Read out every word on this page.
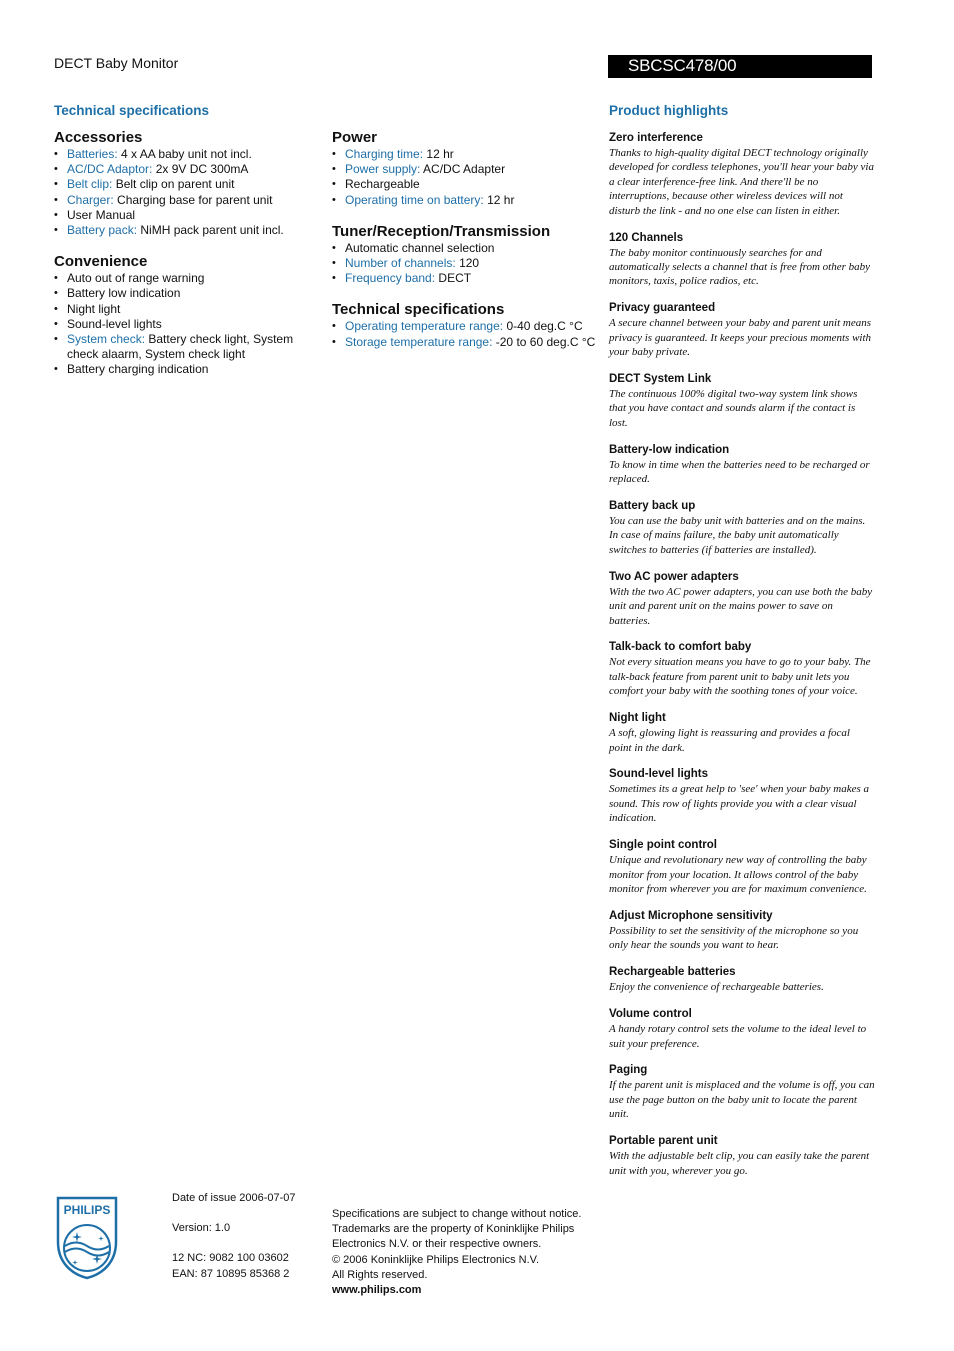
DECT Baby Monitor	SBCSC478/00
Technical specifications
Accessories
• Batteries: 4 x AA baby unit not incl.
• AC/DC Adaptor: 2x 9V DC 300mA
• Belt clip: Belt clip on parent unit
• Charger: Charging base for parent unit
• User Manual
• Battery pack: NiMH pack parent unit incl.
Convenience
• Auto out of range warning
• Battery low indication
• Night light
• Sound-level lights
• System check: Battery check light, System check alaarm, System check light
• Battery charging indication
Power
• Charging time: 12 hr
• Power supply: AC/DC Adapter
• Rechargeable
• Operating time on battery: 12 hr
Tuner/Reception/Transmission
• Automatic channel selection
• Number of channels: 120
• Frequency band: DECT
Technical specifications
• Operating temperature range: 0-40 deg.C °C
• Storage temperature range: -20 to 60 deg.C °C
Product highlights
Zero interference
Thanks to high-quality digital DECT technology originally developed for cordless telephones, you'll hear your baby via a clear interference-free link. And there'll be no interruptions, because other wireless devices will not disturb the link - and no one else can listen in either.
120 Channels
The baby monitor continuously searches for and automatically selects a channel that is free from other baby monitors, taxis, police radios, etc.
Privacy guaranteed
A secure channel between your baby and parent unit means privacy is guaranteed. It keeps your precious moments with your baby private.
DECT System Link
The continuous 100% digital two-way system link shows that you have contact and sounds alarm if the contact is lost.
Battery-low indication
To know in time when the batteries need to be recharged or replaced.
Battery back up
You can use the baby unit with batteries and on the mains. In case of mains failure, the baby unit automatically switches to batteries (if batteries are installed).
Two AC power adapters
With the two AC power adapters, you can use both the baby unit and parent unit on the mains power to save on batteries.
Talk-back to comfort baby
Not every situation means you have to go to your baby. The talk-back feature from parent unit to baby unit lets you comfort your baby with the soothing tones of your voice.
Night light
A soft, glowing light is reassuring and provides a focal point in the dark.
Sound-level lights
Sometimes its a great help to 'see' when your baby makes a sound. This row of lights provide you with a clear visual indication.
Single point control
Unique and revolutionary new way of controlling the baby monitor from your location. It allows control of the baby monitor from wherever you are for maximum convenience.
Adjust Microphone sensitivity
Possibility to set the sensitivity of the microphone so you only hear the sounds you want to hear.
Rechargeable batteries
Enjoy the convenience of rechargeable batteries.
Volume control
A handy rotary control sets the volume to the ideal level to suit your preference.
Paging
If the parent unit is misplaced and the volume is off, you can use the page button on the baby unit to locate the parent unit.
Portable parent unit
With the adjustable belt clip, you can easily take the parent unit with you, wherever you go.
PHILIPS
Date of issue 2006-07-07
Version: 1.0
12 NC: 9082 100 03602
EAN: 87 10895 85368 2
Specifications are subject to change without notice.
Trademarks are the property of Koninklijke Philips
Electronics N.V. or their respective owners.
© 2006 Koninklijke Philips Electronics N.V.
All Rights reserved.
www.philips.com
